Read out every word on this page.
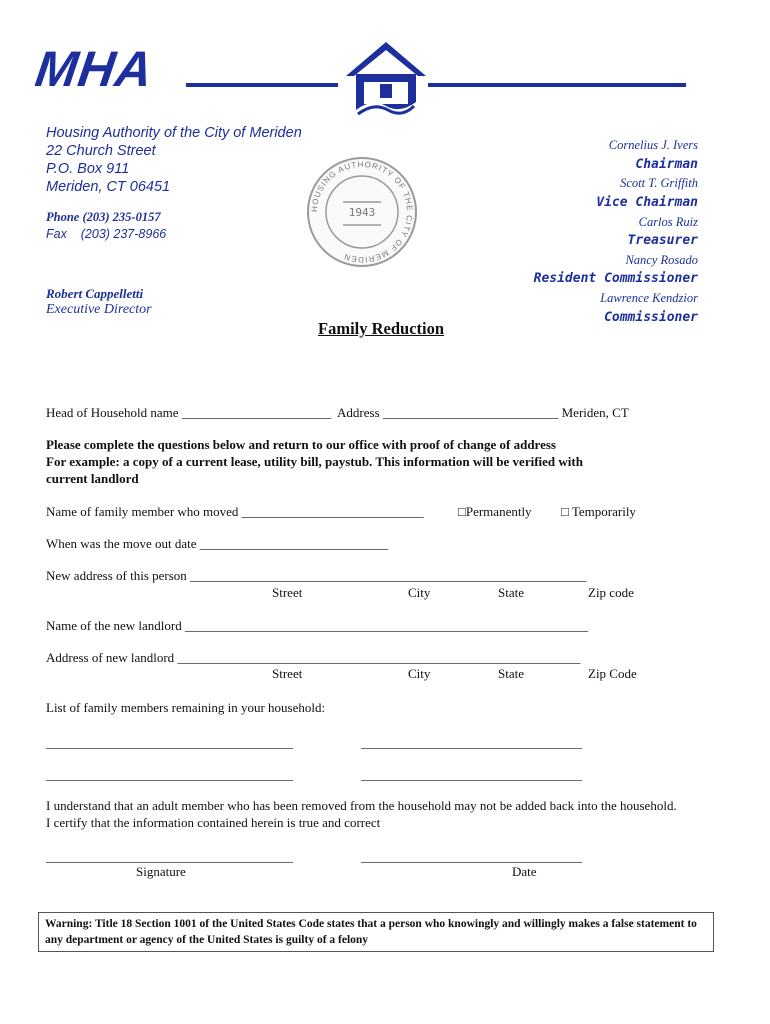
MHA
Housing Authority of the City of Meriden
22 Church Street
P.O. Box 911
Meriden, CT 06451
Phone (203) 235-0157
Fax (203) 237-8966
Robert Cappelletti
Executive Director
HOUSING AUTHORITY OF THE CITY OF MERIDEN
1943
Cornelius J. Ivers
Chairman
Scott T. Griffith
Vice Chairman
Carlos Ruiz
Treasurer
Nancy Rosado
Resident Commissioner
Lawrence Kendzior
Commissioner
Family Reduction
Head of Household name _______________________  Address ___________________________ Meriden, CT
Please complete the questions below and return to our office with proof of change of address
For example: a copy of a current lease, utility bill, paystub. This information will be verified with
current landlord
Name of family member who moved ____________________________	□Permanently □ Temporarily
When was the move out date _____________________________
New address of this person _____________________________________________________________
Street	City	State	Zip code
Name of the new landlord ______________________________________________________________
Address of new landlord ______________________________________________________________
Street	City	State	Zip Code
List of family members remaining in your household:
______________________________________	__________________________________
______________________________________	__________________________________
I understand that an adult member who has been removed from the household may not be added back into the household.
I certify that the information contained herein is true and correct
______________________________________	__________________________________
Signature	Date
Warning: Title 18 Section 1001 of the United States Code states that a person who knowingly and willingly makes a false statement to any department or agency of the United States is guilty of a felony
